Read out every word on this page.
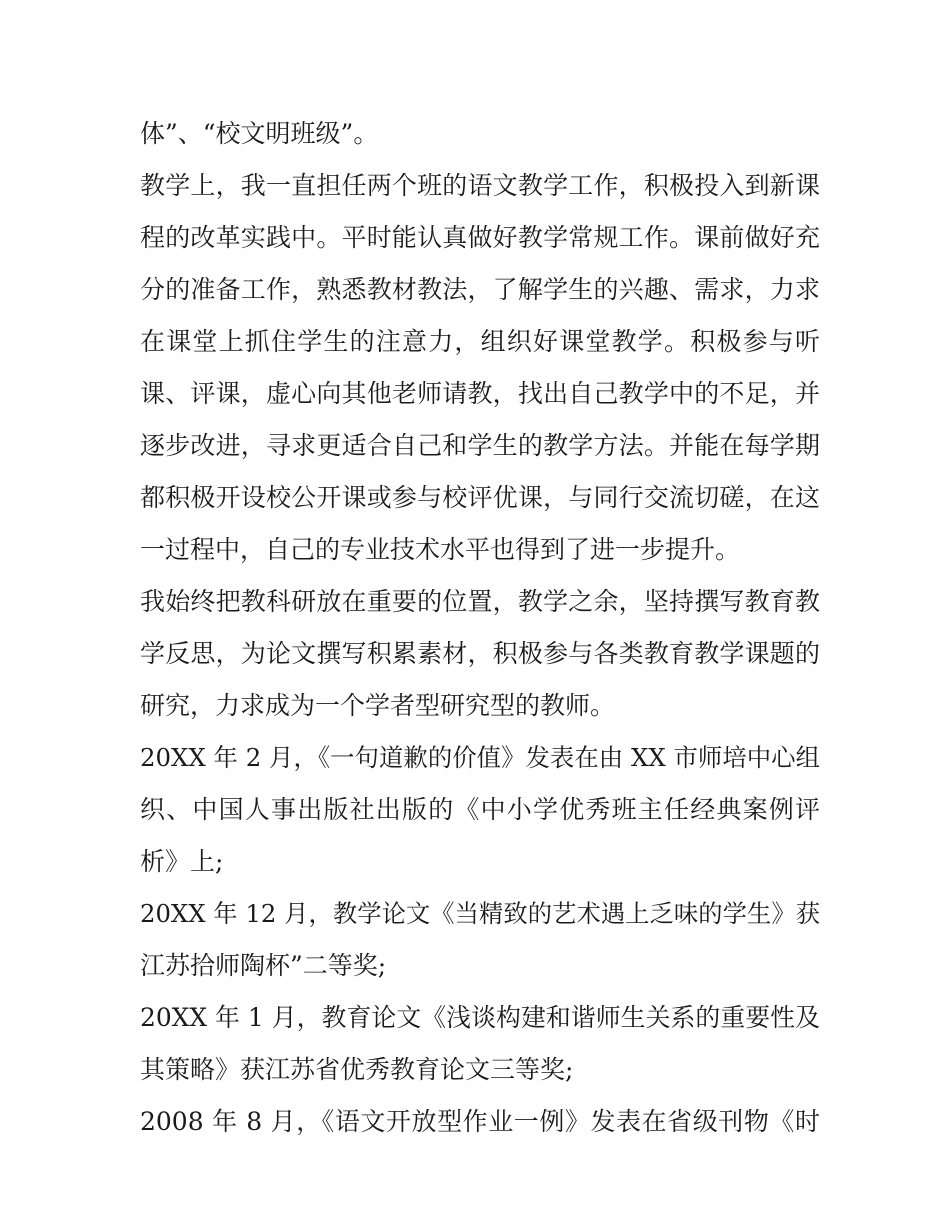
体”、“校文明班级”。
教学上，我一直担任两个班的语文教学工作，积极投入到新课
程的改革实践中。平时能认真做好教学常规工作。课前做好充
分的准备工作，熟悉教材教法，了解学生的兴趣、需求，力求
在课堂上抓住学生的注意力，组织好课堂教学。积极参与听
课、评课，虚心向其他老师请教，找出自己教学中的不足，并
逐步改进，寻求更适合自己和学生的教学方法。并能在每学期
都积极开设校公开课或参与校评优课，与同行交流切磋，在这
一过程中，自己的专业技术水平也得到了进一步提升。
我始终把教科研放在重要的位置，教学之余，坚持撰写教育教
学反思，为论文撰写积累素材，积极参与各类教育教学课题的
研究，力求成为一个学者型研究型的教师。
20XX 年 2 月，《一句道歉的价值》发表在由 XX 市师培中心组
织、中国人事出版社出版的《中小学优秀班主任经典案例评
析》上;
20XX 年 12 月，教学论文《当精致的艺术遇上乏味的学生》获
江苏拾师陶杯”二等奖;
20XX 年 1 月，教育论文《浅谈构建和谐师生关系的重要性及
其策略》获江苏省优秀教育论文三等奖;
2008 年 8 月，《语文开放型作业一例》发表在省级刊物《时
